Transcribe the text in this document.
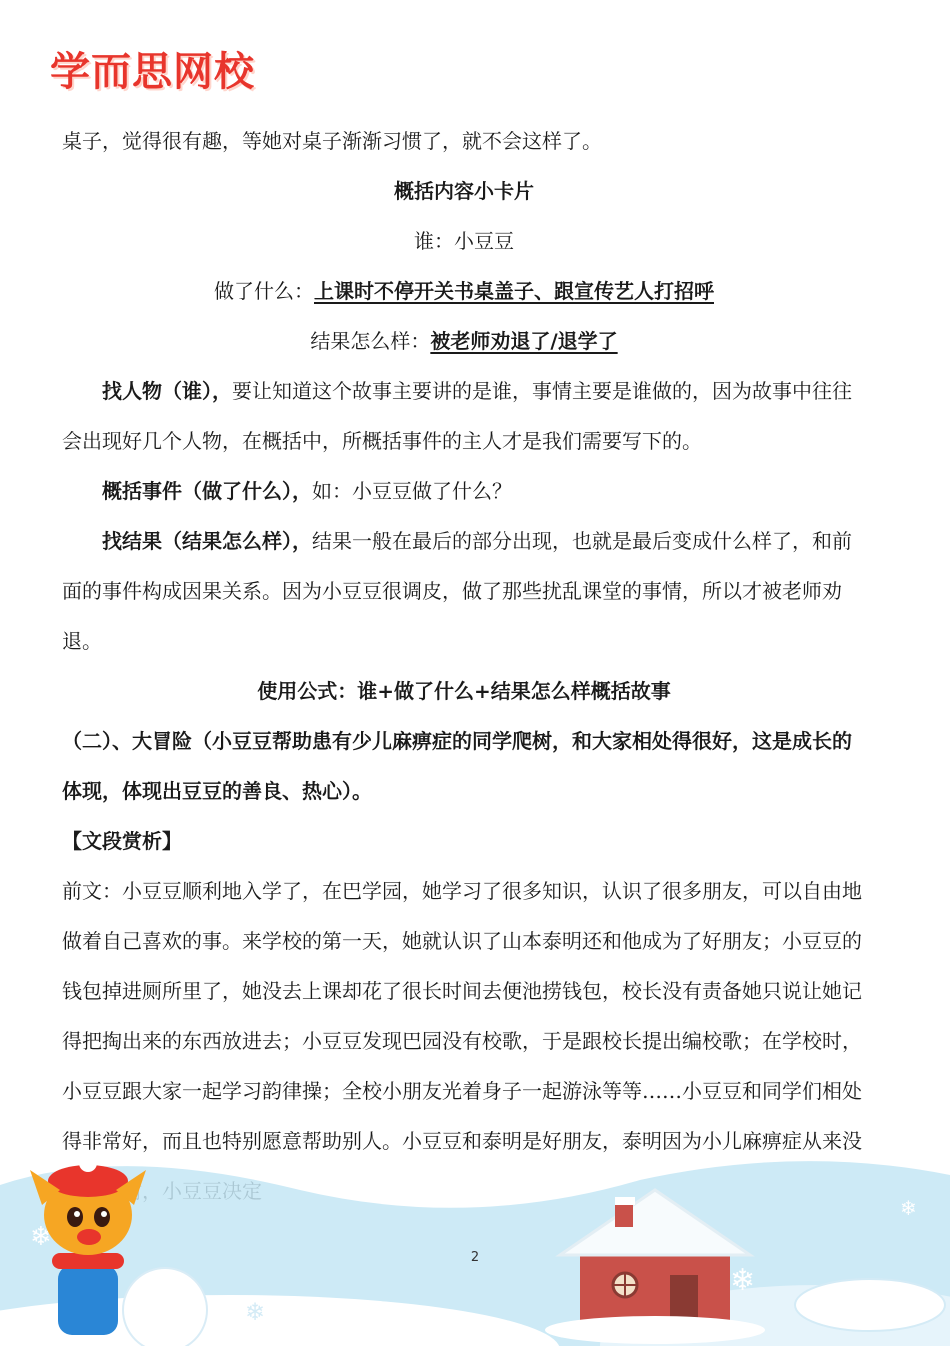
学而思网校

桌子，觉得很有趣，等她对桌子渐渐习惯了，就不会这样了。

概括内容小卡片

谁：小豆豆

做了什么：上课时不停开关书桌盖子、跟宣传艺人打招呼

结果怎么样：被老师劝退了/退学了

找人物（谁），要让知道这个故事主要讲的是谁，事情主要是谁做的，因为故事中往往会出现好几个人物，在概括中，所概括事件的主人才是我们需要写下的。

概括事件（做了什么），如：小豆豆做了什么？

找结果（结果怎么样），结果一般在最后的部分出现，也就是最后变成什么样了，和前面的事件构成因果关系。因为小豆豆很调皮，做了那些扰乱课堂的事情，所以才被老师劝退。

使用公式：谁+做了什么+结果怎么样概括故事

（二）、大冒险（小豆豆帮助患有少儿麻痹症的同学爬树，和大家相处得很好，这是成长的体现，体现出豆豆的善良、热心）。

【文段赏析】

前文：小豆豆顺利地入学了，在巴学园，她学习了很多知识，认识了很多朋友，可以自由地做着自己喜欢的事。来学校的第一天，她就认识了山本泰明还和他成为了好朋友；小豆豆的钱包掉进厕所里了，她没去上课却花了很长时间去便池捞钱包，校长没有责备她只说让她记得把掏出来的东西放进去；小豆豆发现巴园没有校歌，于是跟校长提出编校歌；在学校时，小豆豆跟大家一起学习韵律操；全校小朋友光着身子一起游泳等等……小豆豆和同学们相处得非常好，而且也特别愿意帮助别人。小豆豆和泰明是好朋友，泰明因为小儿麻痹症从来没

❄
❄
❄
❄
2
